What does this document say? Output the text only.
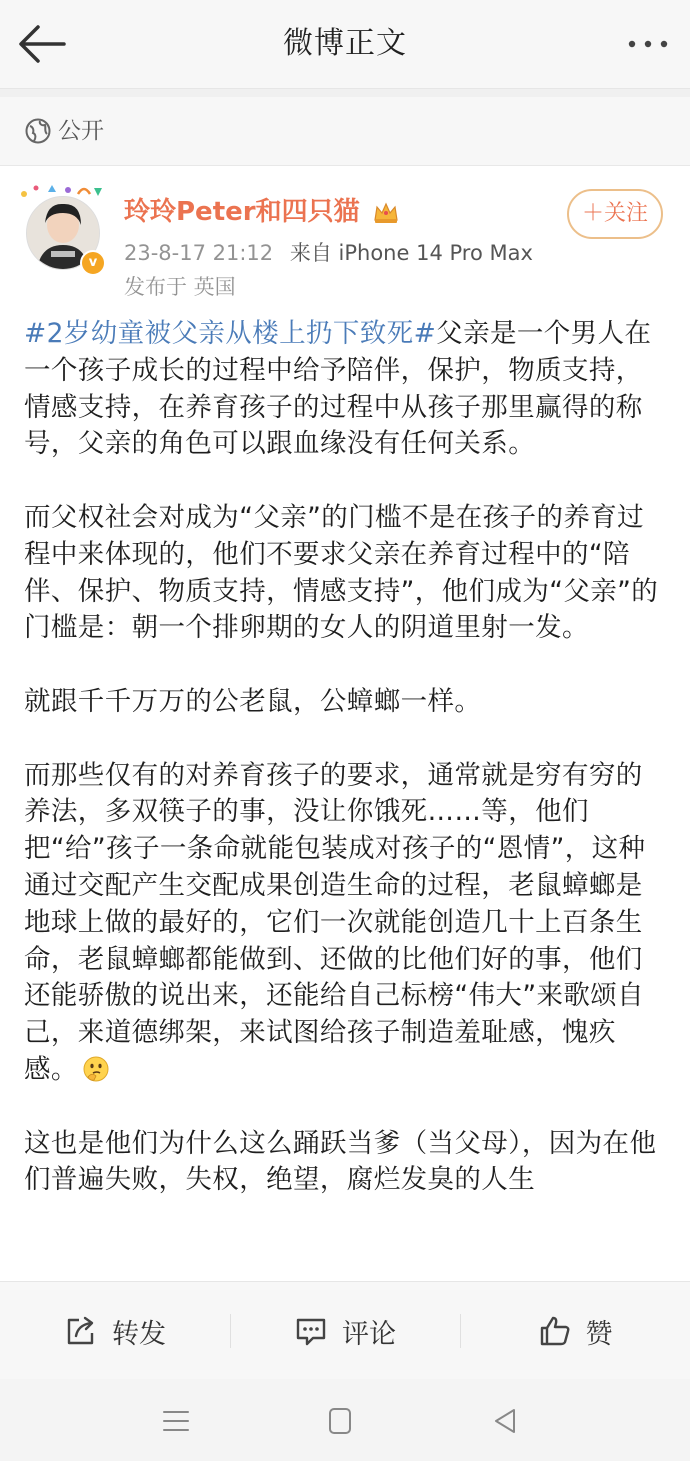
微博正文
公开
v
玲玲Peter和四只猫	＋关注
23-8-17 21:12 来自 iPhone 14 Pro Max
发布于 英国

#2岁幼童被父亲从楼上扔下致死#父亲是一个男人在一个孩子成长的过程中给予陪伴，保护，物质支持，情感支持，在养育孩子的过程中从孩子那里赢得的称号，父亲的角色可以跟血缘没有任何关系。

而父权社会对成为“父亲”的门槛不是在孩子的养育过程中来体现的，他们不要求父亲在养育过程中的“陪伴、保护、物质支持，情感支持”，他们成为“父亲”的门槛是：朝一个排卵期的女人的阴道里射一发。

就跟千千万万的公老鼠，公蟑螂一样。

而那些仅有的对养育孩子的要求，通常就是穷有穷的养法，多双筷子的事，没让你饿死……等，他们把“给”孩子一条命就能包装成对孩子的“恩情”，这种通过交配产生交配成果创造生命的过程，老鼠蟑螂是地球上做的最好的，它们一次就能创造几十上百条生命，老鼠蟑螂都能做到、还做的比他们好的事，他们还能骄傲的说出来，还能给自己标榜“伟大”来歌颂自己，来道德绑架，来试图给孩子制造羞耻感，愧疚感。

这也是他们为什么这么踊跃当爹（当父母），因为在他们普遍失败，失权，绝望，腐烂发臭的人生

转发	评论	赞
